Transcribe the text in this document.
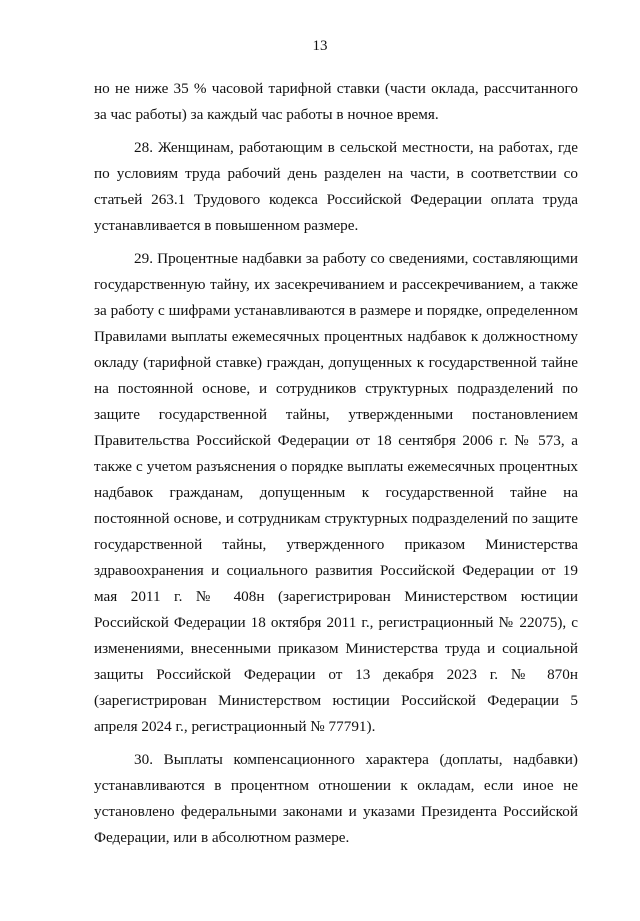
13

но не ниже 35 % часовой тарифной ставки (части оклада, рассчитанного за час работы) за каждый час работы в ночное время.

28. Женщинам, работающим в сельской местности, на работах, где по условиям труда рабочий день разделен на части, в соответствии со статьей 263.1 Трудового кодекса Российской Федерации оплата труда устанавливается в повышенном размере.

29. Процентные надбавки за работу со сведениями, составляющими государственную тайну, их засекречиванием и рассекречиванием, а также за работу с шифрами устанавливаются в размере и порядке, определенном Правилами выплаты ежемесячных процентных надбавок к должностному окладу (тарифной ставке) граждан, допущенных к государственной тайне на постоянной основе, и сотрудников структурных подразделений по защите государственной тайны, утвержденными постановлением Правительства Российской Федерации от 18 сентября 2006 г. № 573, а также с учетом разъяснения о порядке выплаты ежемесячных процентных надбавок гражданам, допущенным к государственной тайне на постоянной основе, и сотрудникам структурных подразделений по защите государственной тайны, утвержденного приказом Министерства здравоохранения и социального развития Российской Федерации от 19 мая 2011 г. № 408н (зарегистрирован Министерством юстиции Российской Федерации 18 октября 2011 г., регистрационный № 22075), с изменениями, внесенными приказом Министерства труда и социальной защиты Российской Федерации от 13 декабря 2023 г. № 870н (зарегистрирован Министерством юстиции Российской Федерации 5 апреля 2024 г., регистрационный № 77791).

30. Выплаты компенсационного характера (доплаты, надбавки) устанавливаются в процентном отношении к окладам, если иное не установлено федеральными законами и указами Президента Российской Федерации, или в абсолютном размере.
